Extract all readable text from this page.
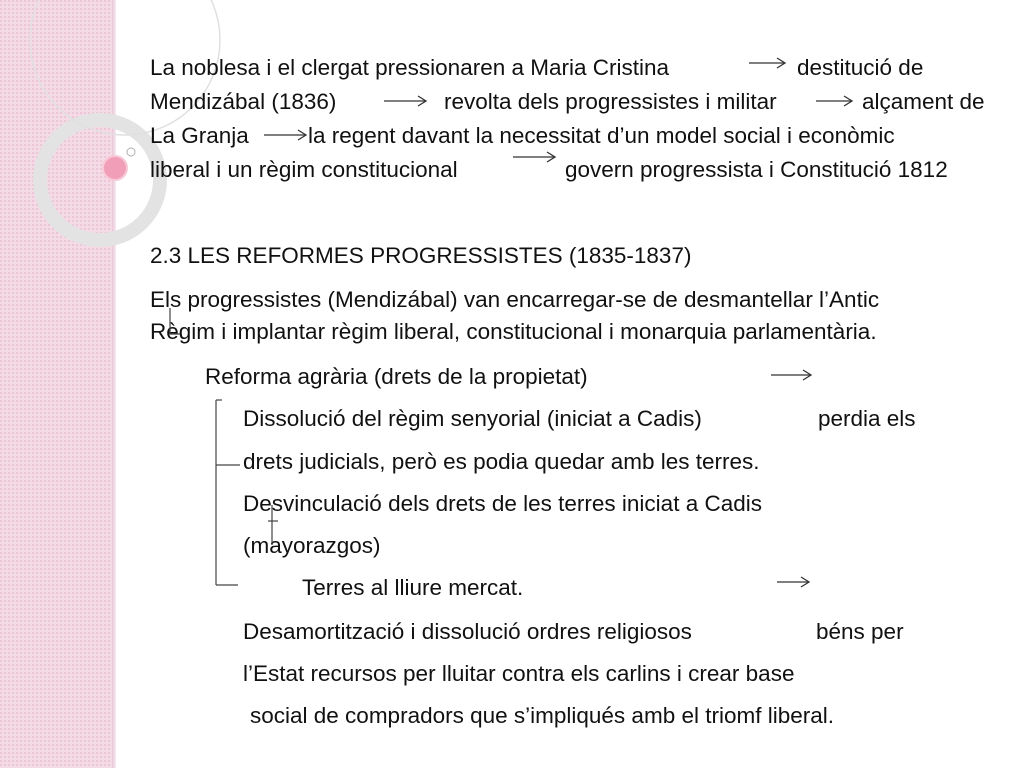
La noblesa i el clergat pressionaren a Maria Cristina	destitució de
Mendizábal (1836)	revolta dels progressistes i militar	alçament de
La Granja	la regent davant la necessitat d’un model social i econòmic
liberal i un règim constitucional	govern progressista i Constitució 1812
2.3 LES REFORMES PROGRESSISTES (1835-1837)
Els progressistes (Mendizábal) van encarregar-se de desmantellar l’Antic
Règim i implantar règim liberal, constitucional i monarquia parlamentària.
Reforma agrària (drets de la propietat)
Dissolució del règim senyorial (iniciat a Cadis)	perdia els
drets judicials, però es podia quedar amb les terres.
Desvinculació dels drets de les terres iniciat a Cadis
(mayorazgos)
Terres al lliure mercat.
Desamortització i dissolució ordres religiosos	béns per
l’Estat recursos per lluitar contra els carlins i crear base
social de compradors que s’impliqués amb el triomf liberal.
